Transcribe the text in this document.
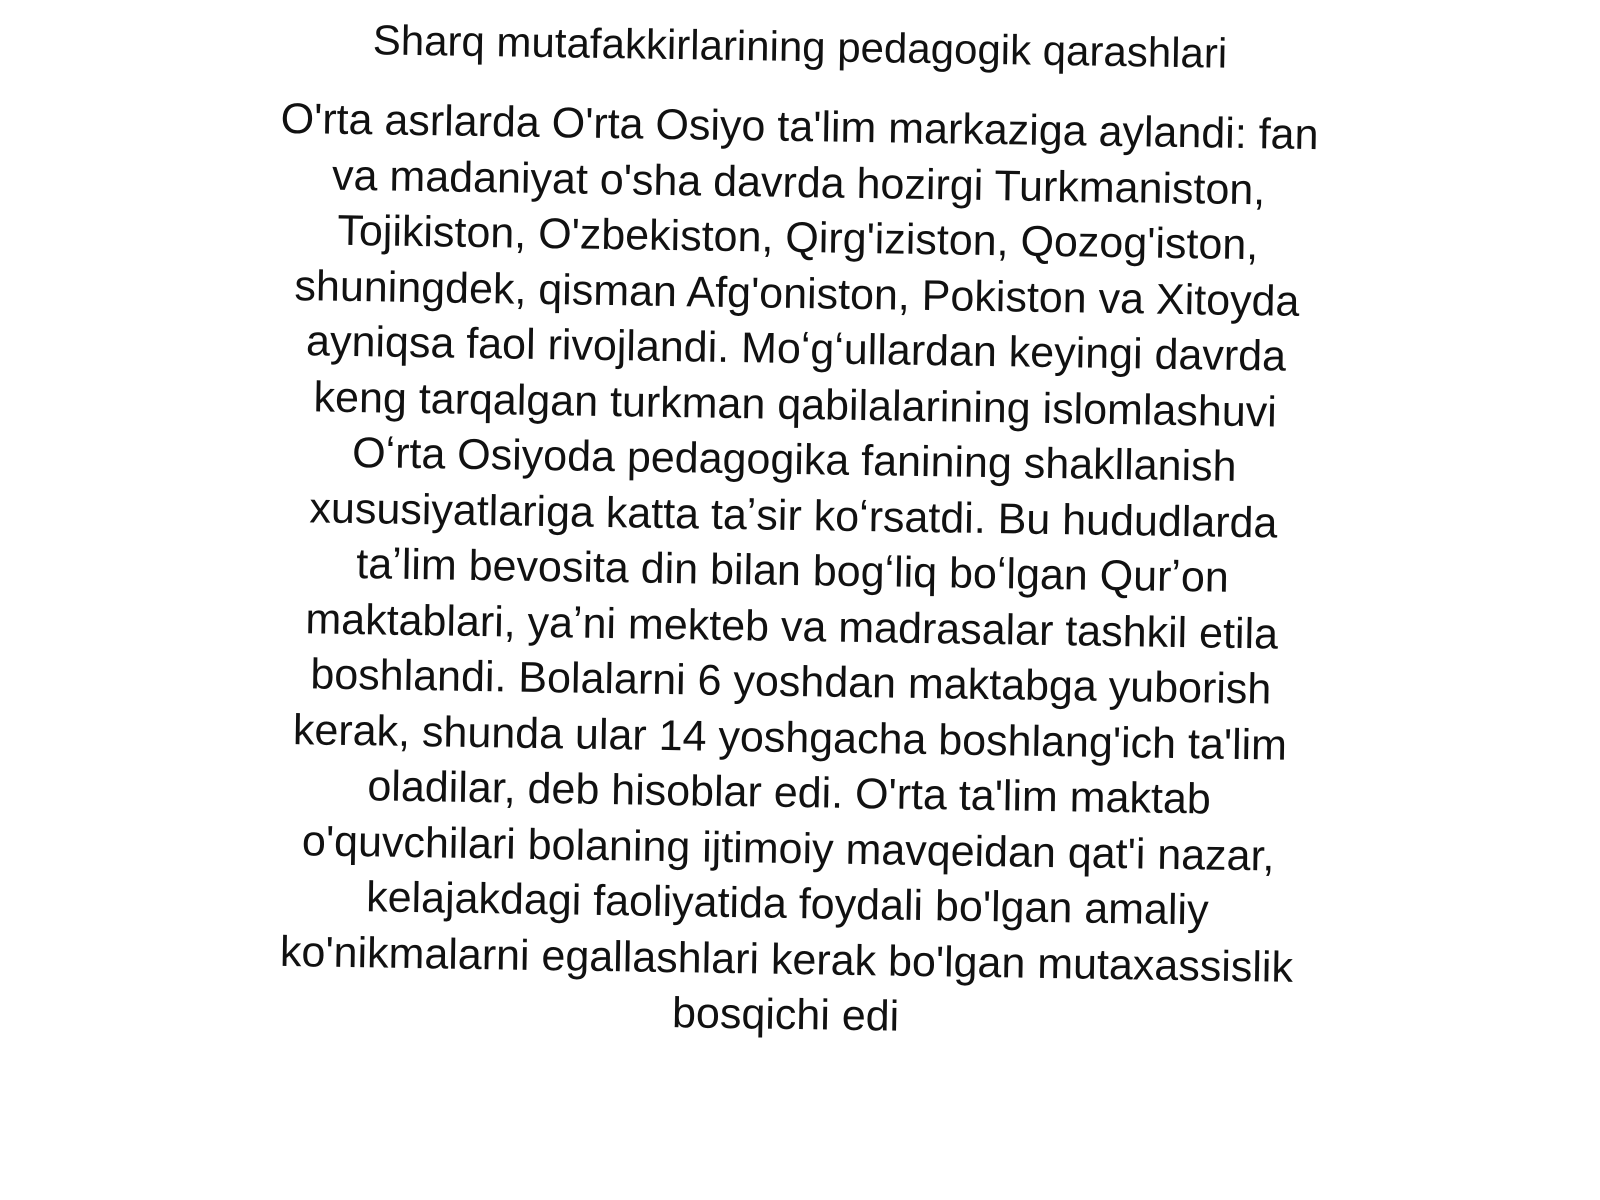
Sharq mutafakkirlarining pedagogik qarashlari
O'rta asrlarda O'rta Osiyo ta'lim markaziga aylandi: fan
va madaniyat o'sha davrda hozirgi Turkmaniston,
Tojikiston, O'zbekiston, Qirg'iziston, Qozog'iston,
shuningdek, qisman Afg'oniston, Pokiston va Xitoyda
ayniqsa faol rivojlandi. Moʻgʻullardan keyingi davrda
keng tarqalgan turkman qabilalarining islomlashuvi
Oʻrta Osiyoda pedagogika fanining shakllanish
xususiyatlariga katta taʼsir koʻrsatdi. Bu hududlarda
taʼlim bevosita din bilan bogʻliq boʻlgan Qurʼon
maktablari, yaʼni mekteb va madrasalar tashkil etila
boshlandi. Bolalarni 6 yoshdan maktabga yuborish
kerak, shunda ular 14 yoshgacha boshlang'ich ta'lim
oladilar, deb hisoblar edi. O'rta ta'lim maktab
o'quvchilari bolaning ijtimoiy mavqeidan qat'i nazar,
kelajakdagi faoliyatida foydali bo'lgan amaliy
ko'nikmalarni egallashlari kerak bo'lgan mutaxassislik
bosqichi edi
